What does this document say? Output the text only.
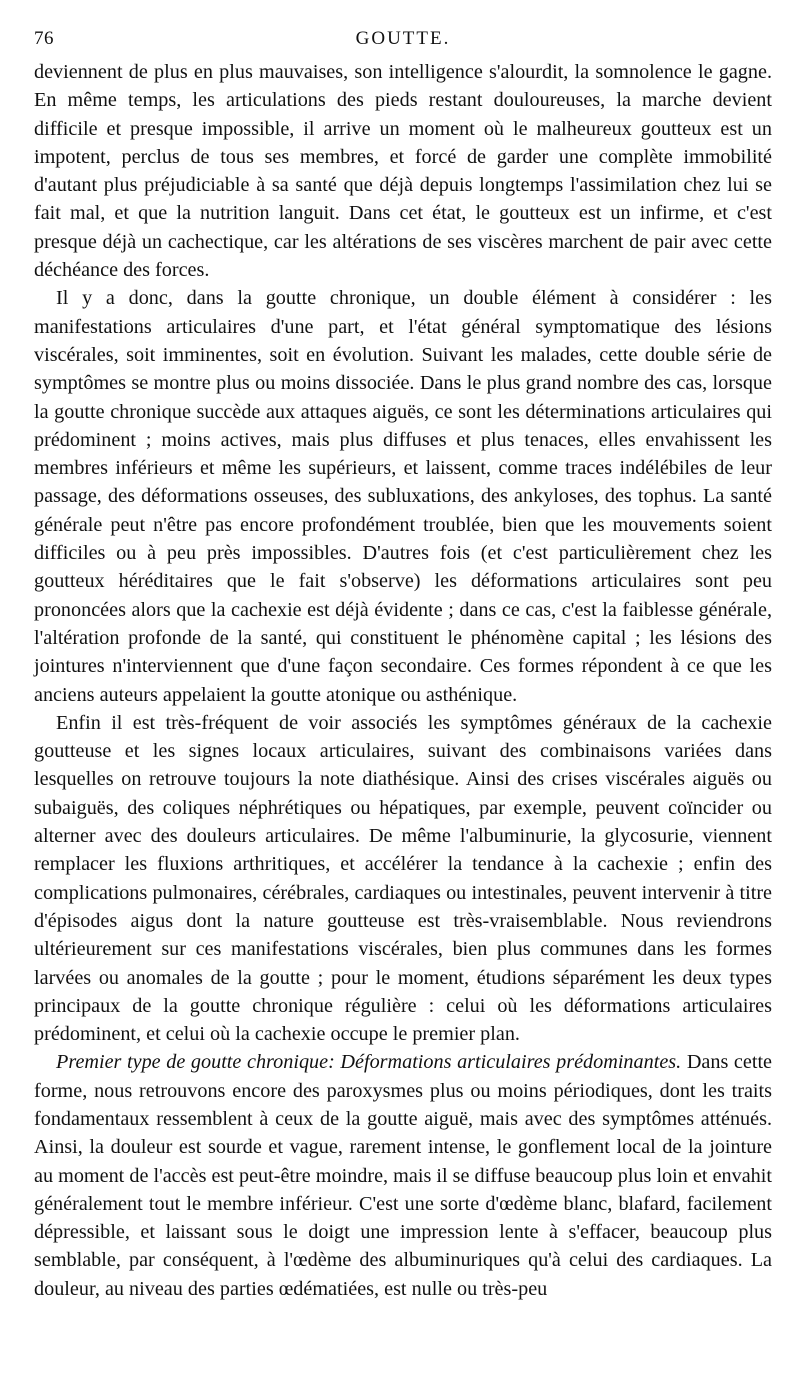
76	GOUTTE.

deviennent de plus en plus mauvaises, son intelligence s'alourdit, la somnolence le gagne. En même temps, les articulations des pieds restant douloureuses, la marche devient difficile et presque impossible, il arrive un moment où le malheureux goutteux est un impotent, perclus de tous ses membres, et forcé de garder une complète immobilité d'autant plus préjudiciable à sa santé que déjà depuis longtemps l'assimilation chez lui se fait mal, et que la nutrition languit. Dans cet état, le goutteux est un infirme, et c'est presque déjà un cachectique, car les altérations de ses viscères marchent de pair avec cette déchéance des forces.

Il y a donc, dans la goutte chronique, un double élément à considérer : les manifestations articulaires d'une part, et l'état général symptomatique des lésions viscérales, soit imminentes, soit en évolution. Suivant les malades, cette double série de symptômes se montre plus ou moins dissociée. Dans le plus grand nombre des cas, lorsque la goutte chronique succède aux attaques aiguës, ce sont les déterminations articulaires qui prédominent ; moins actives, mais plus diffuses et plus tenaces, elles envahissent les membres inférieurs et même les supérieurs, et laissent, comme traces indélébiles de leur passage, des déformations osseuses, des subluxations, des ankyloses, des tophus. La santé générale peut n'être pas encore profondément troublée, bien que les mouvements soient difficiles ou à peu près impossibles. D'autres fois (et c'est particulièrement chez les goutteux héréditaires que le fait s'observe) les déformations articulaires sont peu prononcées alors que la cachexie est déjà évidente ; dans ce cas, c'est la faiblesse générale, l'altération profonde de la santé, qui constituent le phénomène capital ; les lésions des jointures n'interviennent que d'une façon secondaire. Ces formes répondent à ce que les anciens auteurs appelaient la goutte atonique ou asthénique.

Enfin il est très-fréquent de voir associés les symptômes généraux de la cachexie goutteuse et les signes locaux articulaires, suivant des combinaisons variées dans lesquelles on retrouve toujours la note diathésique. Ainsi des crises viscérales aiguës ou subaiguës, des coliques néphrétiques ou hépatiques, par exemple, peuvent coïncider ou alterner avec des douleurs articulaires. De même l'albuminurie, la glycosurie, viennent remplacer les fluxions arthritiques, et accélérer la tendance à la cachexie ; enfin des complications pulmonaires, cérébrales, cardiaques ou intestinales, peuvent intervenir à titre d'épisodes aigus dont la nature goutteuse est très-vraisemblable. Nous reviendrons ultérieurement sur ces manifestations viscérales, bien plus communes dans les formes larvées ou anomales de la goutte ; pour le moment, étudions séparément les deux types principaux de la goutte chronique régulière : celui où les déformations articulaires prédominent, et celui où la cachexie occupe le premier plan.

Premier type de goutte chronique: Déformations articulaires prédominantes. Dans cette forme, nous retrouvons encore des paroxysmes plus ou moins périodiques, dont les traits fondamentaux ressemblent à ceux de la goutte aiguë, mais avec des symptômes atténués. Ainsi, la douleur est sourde et vague, rarement intense, le gonflement local de la jointure au moment de l'accès est peut-être moindre, mais il se diffuse beaucoup plus loin et envahit généralement tout le membre inférieur. C'est une sorte d'œdème blanc, blafard, facilement dépressible, et laissant sous le doigt une impression lente à s'effacer, beaucoup plus semblable, par conséquent, à l'œdème des albuminuriques qu'à celui des cardiaques. La douleur, au niveau des parties œdématiées, est nulle ou très-peu
